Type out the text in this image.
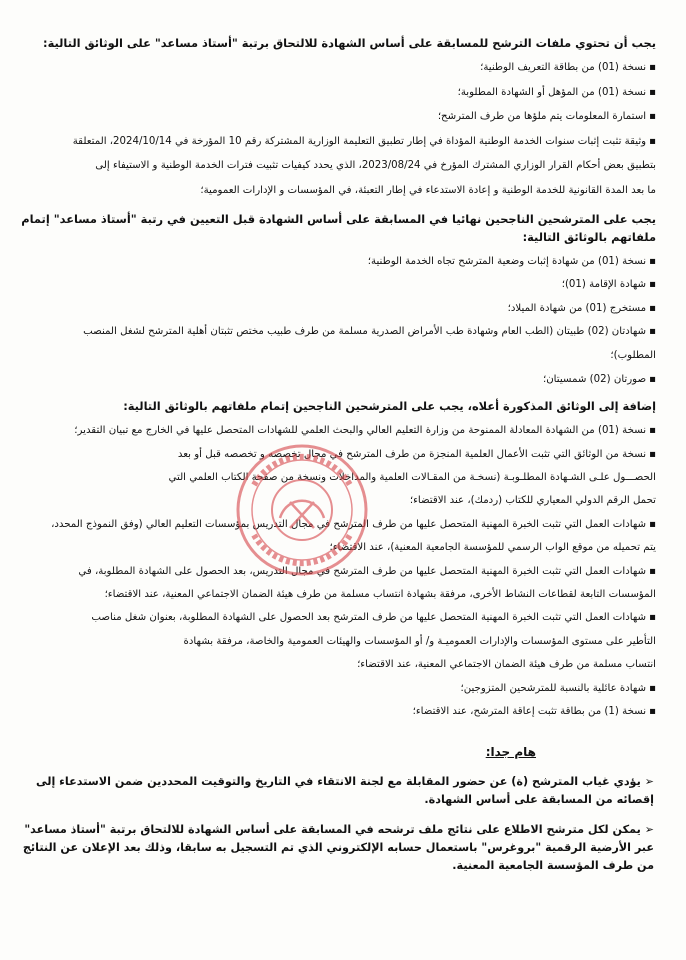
يجب أن تحتوي ملفات الترشح للمسابقة على أساس الشهادة للالتحاق برتبة "أستاذ مساعد" على الوثائق التالية:

▪نسخة (01) من بطاقة التعريف الوطنية؛

▪نسخة (01) من المؤهل أو الشهادة المطلوبة؛

▪استمارة المعلومات يتم ملؤها من طرف المترشح؛

▪وثيقة تثبت إثبات سنوات الخدمة الوطنية المؤداة في إطار تطبيق التعليمة الوزارية المشتركة رقم 10 المؤرخة في 2024/10/14، المتعلقة

بتطبيق بعض أحكام القرار الوزاري المشترك المؤرخ في 2023/08/24، الذي يحدد كيفيات تثبيت فترات الخدمة الوطنية و الاستيفاء إلى

ما بعد المدة القانونية للخدمة الوطنية و إعادة الاستدعاء في إطار التعبئة، في المؤسسات و الإدارات العمومية؛

يجب على المترشحين الناجحين نهائيا في المسابقة على أساس الشهادة قبل التعيين في رتبة "أستاذ مساعد" إتمام ملفاتهم بالوثائق التالية:

▪نسخة (01) من شهادة إثبات وضعية المترشح تجاه الخدمة الوطنية؛

▪شهادة الإقامة (01)؛

▪مستخرج (01) من شهادة الميلاد؛

▪شهادتان (02) طبيتان (الطب العام وشهادة طب الأمراض الصدرية مسلمة من طرف طبيب مختص تثبتان أهلية المترشح لشغل المنصب

المطلوب)؛

▪صورتان (02) شمسيتان؛

إضافة إلى الوثائق المذكورة أعلاه، يجب على المترشحين الناجحين إتمام ملفاتهم بالوثائق التالية:

▪نسخة (01) من الشهادة المعادلة الممنوحة من وزارة التعليم العالي والبحث العلمي للشهادات المتحصل عليها في الخارج مع تبيان التقدير؛

▪نسخة من الوثائق التي تثبت الأعمال العلمية المنجزة من طرف المترشح في مجال تخصصه و تخصصه قبل أو بعد

الحصـــول علـى الشـهادة المطلـوبـة (نسخـة من المقـالات العلمية والمداخلات ونسخة من صفحة الكتاب العلمي التي

تحمل الرقم الدولي المعياري للكتاب (ردمك)، عند الاقتضاء؛

▪شهادات العمل التي تثبت الخبرة المهنية المتحصل عليها من طرف المترشح في مجال التدريس بمؤسسات التعليم العالي (وفق النموذج المحدد،

يتم تحميله من موقع الواب الرسمي للمؤسسة الجامعية المعنية)، عند الاقتضاء؛

▪شهادات العمل التي تثبت الخبرة المهنية المتحصل عليها من طرف المترشح في مجال التدريس، بعد الحصول على الشهادة المطلوبة، في

المؤسسات التابعة لقطاعات النشاط الأخرى، مرفقة بشهادة انتساب مسلمة من طرف هيئة الضمان الاجتماعي المعنية، عند الاقتضاء؛

▪شهادات العمل التي تثبت الخبرة المهنية المتحصل عليها من طرف المترشح بعد الحصول على الشهادة المطلوبة، بعنوان شغل مناصب

التأطير على مستوى المؤسسات والإدارات العموميـة و/ أو المؤسسات والهيئات العمومية والخاصة، مرفقة بشهادة

انتساب مسلمة من طرف هيئة الضمان الاجتماعي المعنية، عند الاقتضاء؛

▪شهادة عائلية بالنسبة للمترشحين المتزوجين؛

▪نسخة (1) من بطاقة تثبت إعاقة المترشح، عند الاقتضاء؛

هام جدا:

➢يؤدي غياب المترشح (ة) عن حضور المقابلة مع لجنة الانتقاء في التاريخ والتوقيت المحددين ضمن الاستدعاء إلى إقصائه من المسابقة على أساس الشهادة.

➢يمكن لكل مترشح الاطلاع على نتائج ملف ترشحه في المسابقة على أساس الشهادة للالتحاق برتبة "أستاذ مساعد" عبر الأرضية الرقمية "بروغرس" باستعمال حسابه الإلكتروني الذي تم التسجيل به سابقا، وذلك بعد الإعلان عن النتائج من طرف المؤسسة الجامعية المعنية.
